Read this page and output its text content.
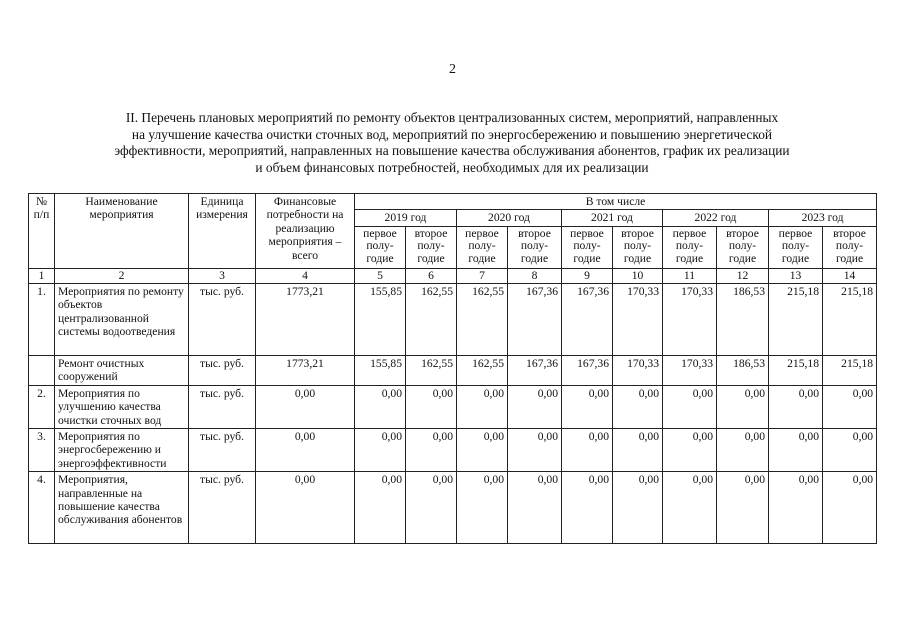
2
II. Перечень плановых мероприятий по ремонту объектов централизованных систем, мероприятий, направленных
на улучшение качества очистки сточных вод, мероприятий по энергосбережению и повышению энергетической
эффективности, мероприятий, направленных на повышение качества обслуживания абонентов, график их реализации
и объем финансовых потребностей, необходимых для их реализации
№ п/п	Наименование мероприятия	Единица измерения	Финансовые потребности на реализацию мероприятия – всего	В том числе									
				2019 год		2020 год		2021 год		2022 год		2023 год	
				первое полу-годие	второе полу-годие	первое полу-годие	второе полу-годие	первое полу-годие	второе полу-годие	первое полу-годие	второе полу-годие	первое полу-годие	второе полу-годие
1	2	3	4	5	6	7	8	9	10	11	12	13	14
1.	Мероприятия по ремонту объектов централизованной системы водоотведения	тыс. руб.	1773,21	155,85	162,55	162,55	167,36	167,36	170,33	170,33	186,53	215,18	215,18
	Ремонт очистных сооружений	тыс. руб.	1773,21	155,85	162,55	162,55	167,36	167,36	170,33	170,33	186,53	215,18	215,18
2.	Мероприятия по улучшению качества очистки сточных вод	тыс. руб.	0,00	0,00	0,00	0,00	0,00	0,00	0,00	0,00	0,00	0,00	0,00
3.	Мероприятия по энергосбережению и энергоэффективности	тыс. руб.	0,00	0,00	0,00	0,00	0,00	0,00	0,00	0,00	0,00	0,00	0,00
4.	Мероприятия, направленные на повышение качества обслуживания абонентов	тыс. руб.	0,00	0,00	0,00	0,00	0,00	0,00	0,00	0,00	0,00	0,00	0,00
